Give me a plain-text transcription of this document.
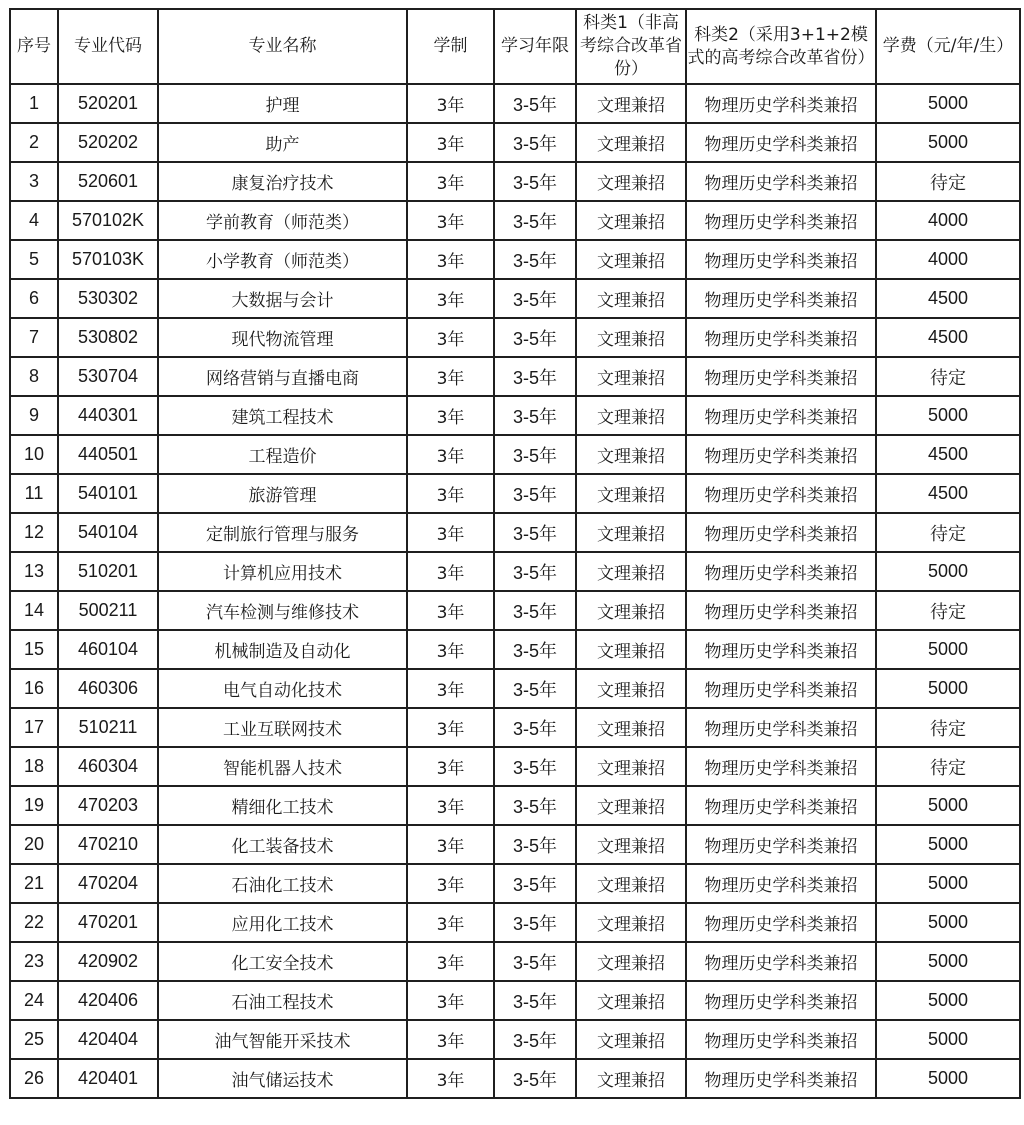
序号	专业代码	专业名称	学制	学习年限	科类1（非高考综合改革省份）	科类2（采用3+1+2模式的高考综合改革省份）	学费（元/年/生）
1	520201	护理	3年	3-5年	文理兼招	物理历史学科类兼招	5000
2	520202	助产	3年	3-5年	文理兼招	物理历史学科类兼招	5000
3	520601	康复治疗技术	3年	3-5年	文理兼招	物理历史学科类兼招	待定
4	570102K	学前教育（师范类）	3年	3-5年	文理兼招	物理历史学科类兼招	4000
5	570103K	小学教育（师范类）	3年	3-5年	文理兼招	物理历史学科类兼招	4000
6	530302	大数据与会计	3年	3-5年	文理兼招	物理历史学科类兼招	4500
7	530802	现代物流管理	3年	3-5年	文理兼招	物理历史学科类兼招	4500
8	530704	网络营销与直播电商	3年	3-5年	文理兼招	物理历史学科类兼招	待定
9	440301	建筑工程技术	3年	3-5年	文理兼招	物理历史学科类兼招	5000
10	440501	工程造价	3年	3-5年	文理兼招	物理历史学科类兼招	4500
11	540101	旅游管理	3年	3-5年	文理兼招	物理历史学科类兼招	4500
12	540104	定制旅行管理与服务	3年	3-5年	文理兼招	物理历史学科类兼招	待定
13	510201	计算机应用技术	3年	3-5年	文理兼招	物理历史学科类兼招	5000
14	500211	汽车检测与维修技术	3年	3-5年	文理兼招	物理历史学科类兼招	待定
15	460104	机械制造及自动化	3年	3-5年	文理兼招	物理历史学科类兼招	5000
16	460306	电气自动化技术	3年	3-5年	文理兼招	物理历史学科类兼招	5000
17	510211	工业互联网技术	3年	3-5年	文理兼招	物理历史学科类兼招	待定
18	460304	智能机器人技术	3年	3-5年	文理兼招	物理历史学科类兼招	待定
19	470203	精细化工技术	3年	3-5年	文理兼招	物理历史学科类兼招	5000
20	470210	化工装备技术	3年	3-5年	文理兼招	物理历史学科类兼招	5000
21	470204	石油化工技术	3年	3-5年	文理兼招	物理历史学科类兼招	5000
22	470201	应用化工技术	3年	3-5年	文理兼招	物理历史学科类兼招	5000
23	420902	化工安全技术	3年	3-5年	文理兼招	物理历史学科类兼招	5000
24	420406	石油工程技术	3年	3-5年	文理兼招	物理历史学科类兼招	5000
25	420404	油气智能开采技术	3年	3-5年	文理兼招	物理历史学科类兼招	5000
26	420401	油气储运技术	3年	3-5年	文理兼招	物理历史学科类兼招	5000
